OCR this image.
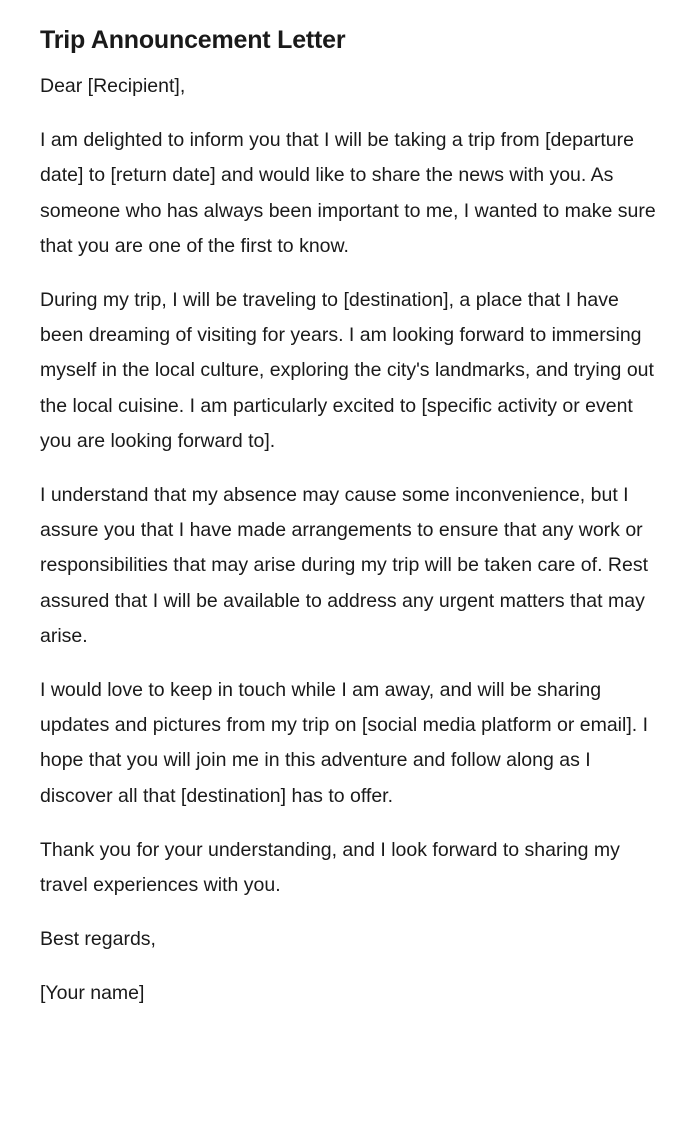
Trip Announcement Letter

Dear [Recipient],

I am delighted to inform you that I will be taking a trip from [departure date] to [return date] and would like to share the news with you. As someone who has always been important to me, I wanted to make sure that you are one of the first to know.

During my trip, I will be traveling to [destination], a place that I have been dreaming of visiting for years. I am looking forward to immersing myself in the local culture, exploring the city's landmarks, and trying out the local cuisine. I am particularly excited to [specific activity or event you are looking forward to].

I understand that my absence may cause some inconvenience, but I assure you that I have made arrangements to ensure that any work or responsibilities that may arise during my trip will be taken care of. Rest assured that I will be available to address any urgent matters that may arise.

I would love to keep in touch while I am away, and will be sharing updates and pictures from my trip on [social media platform or email]. I hope that you will join me in this adventure and follow along as I discover all that [destination] has to offer.

Thank you for your understanding, and I look forward to sharing my travel experiences with you.

Best regards,

[Your name]
